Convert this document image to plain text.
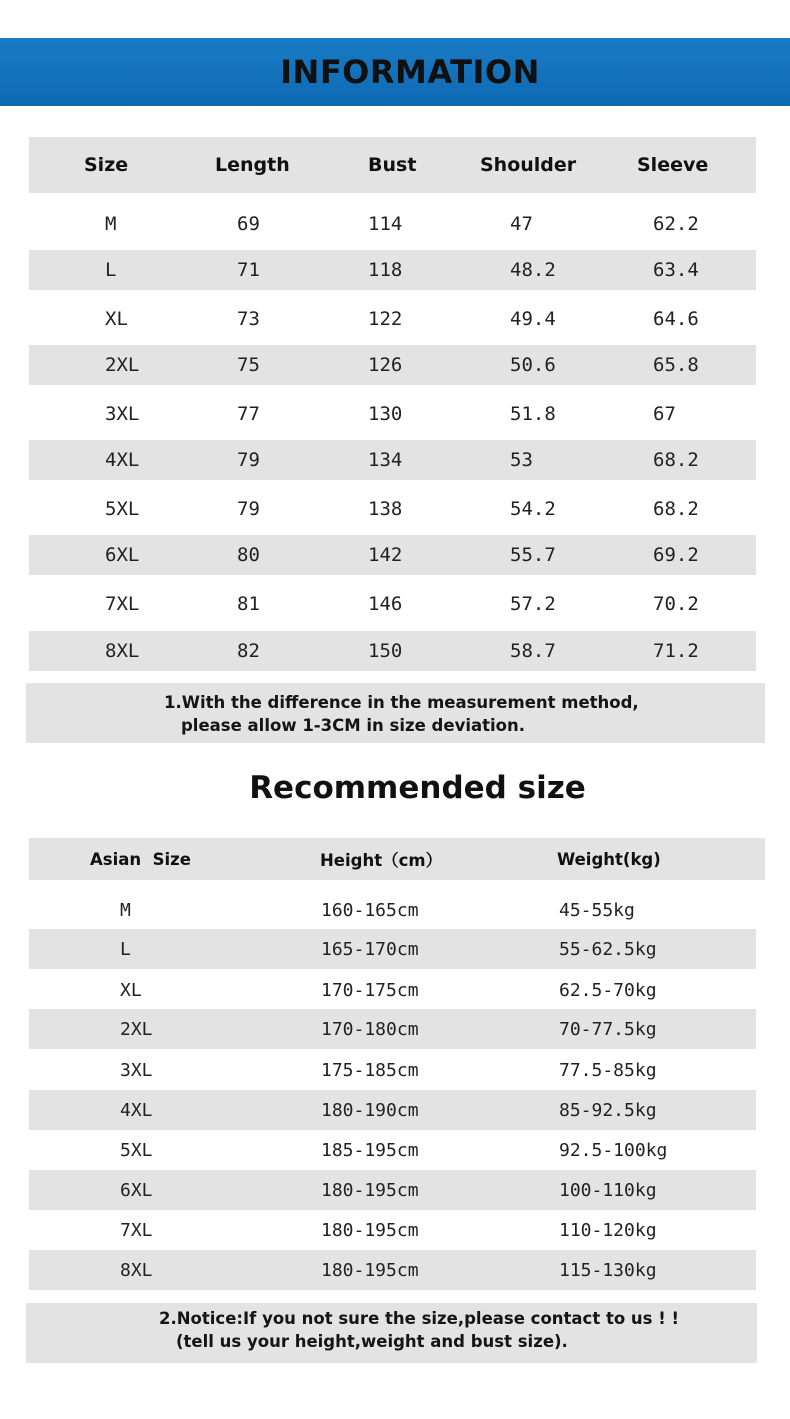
INFORMATION
Size	Length	Bust	Shoulder	Sleeve
M	69	114	47	62.2
L	71	118	48.2	63.4
XL	73	122	49.4	64.6
2XL	75	126	50.6	65.8
3XL	77	130	51.8	67
4XL	79	134	53	68.2
5XL	79	138	54.2	68.2
6XL	80	142	55.7	69.2
7XL	81	146	57.2	70.2
8XL	82	150	58.7	71.2
1.With the difference in the measurement method,
please allow 1-3CM in size deviation.
Recommended size
Asian  Size	Height（cm）	Weight(kg)
M	160-165cm	45-55kg
L	165-170cm	55-62.5kg
XL	170-175cm	62.5-70kg
2XL	170-180cm	70-77.5kg
3XL	175-185cm	77.5-85kg
4XL	180-190cm	85-92.5kg
5XL	185-195cm	92.5-100kg
6XL	180-195cm	100-110kg
7XL	180-195cm	110-120kg
8XL	180-195cm	115-130kg
2.Notice:If you not sure the size,please contact to us ! !
(tell us your height,weight and bust size).
